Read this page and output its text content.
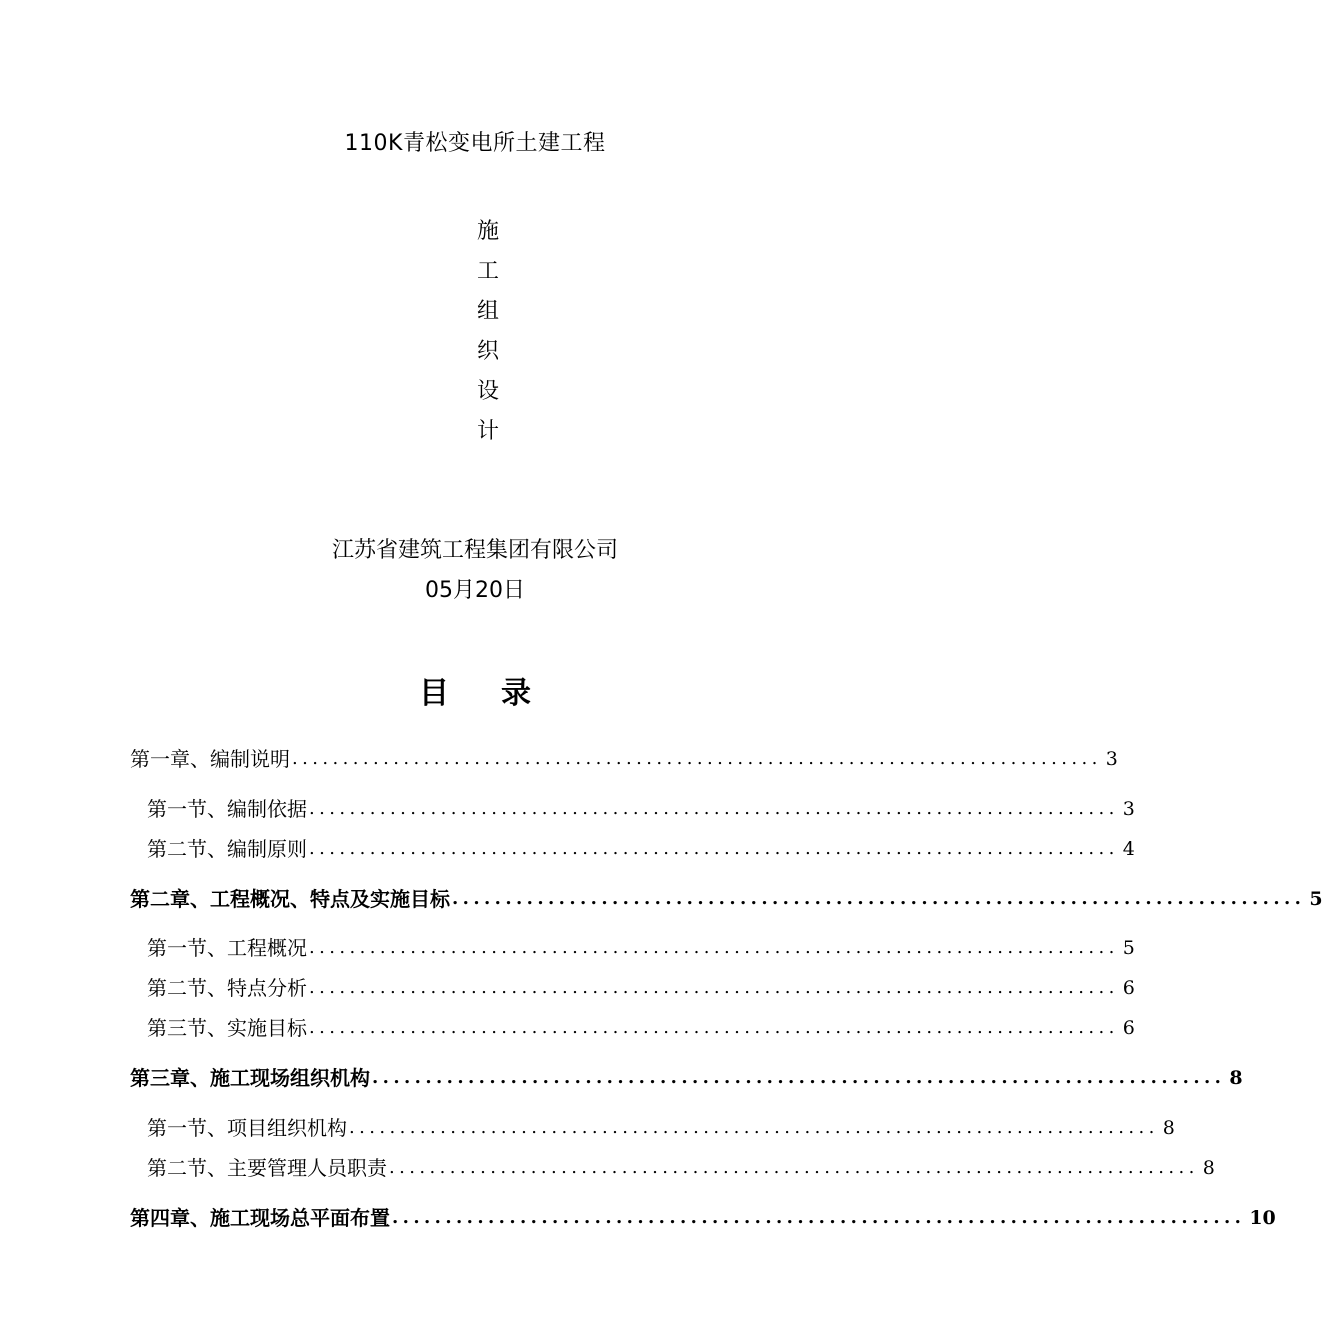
110K青松变电所土建工程
施
工
组
织
设
计
江苏省建筑工程集团有限公司
05月20日
目 录
第一章、编制说明 ................................................................................ 3
第一节、编制依据 ................................................................................ 3
第二节、编制原则 ................................................................................ 4
第二章、工程概况、特点及实施目标 ................................................................................ 5
第一节、工程概况 ................................................................................ 5
第二节、特点分析 ................................................................................ 6
第三节、实施目标 ................................................................................ 6
第三章、施工现场组织机构 ................................................................................ 8
第一节、项目组织机构 ................................................................................ 8
第二节、主要管理人员职责 ................................................................................ 8
第四章、施工现场总平面布置 ................................................................................ 10
